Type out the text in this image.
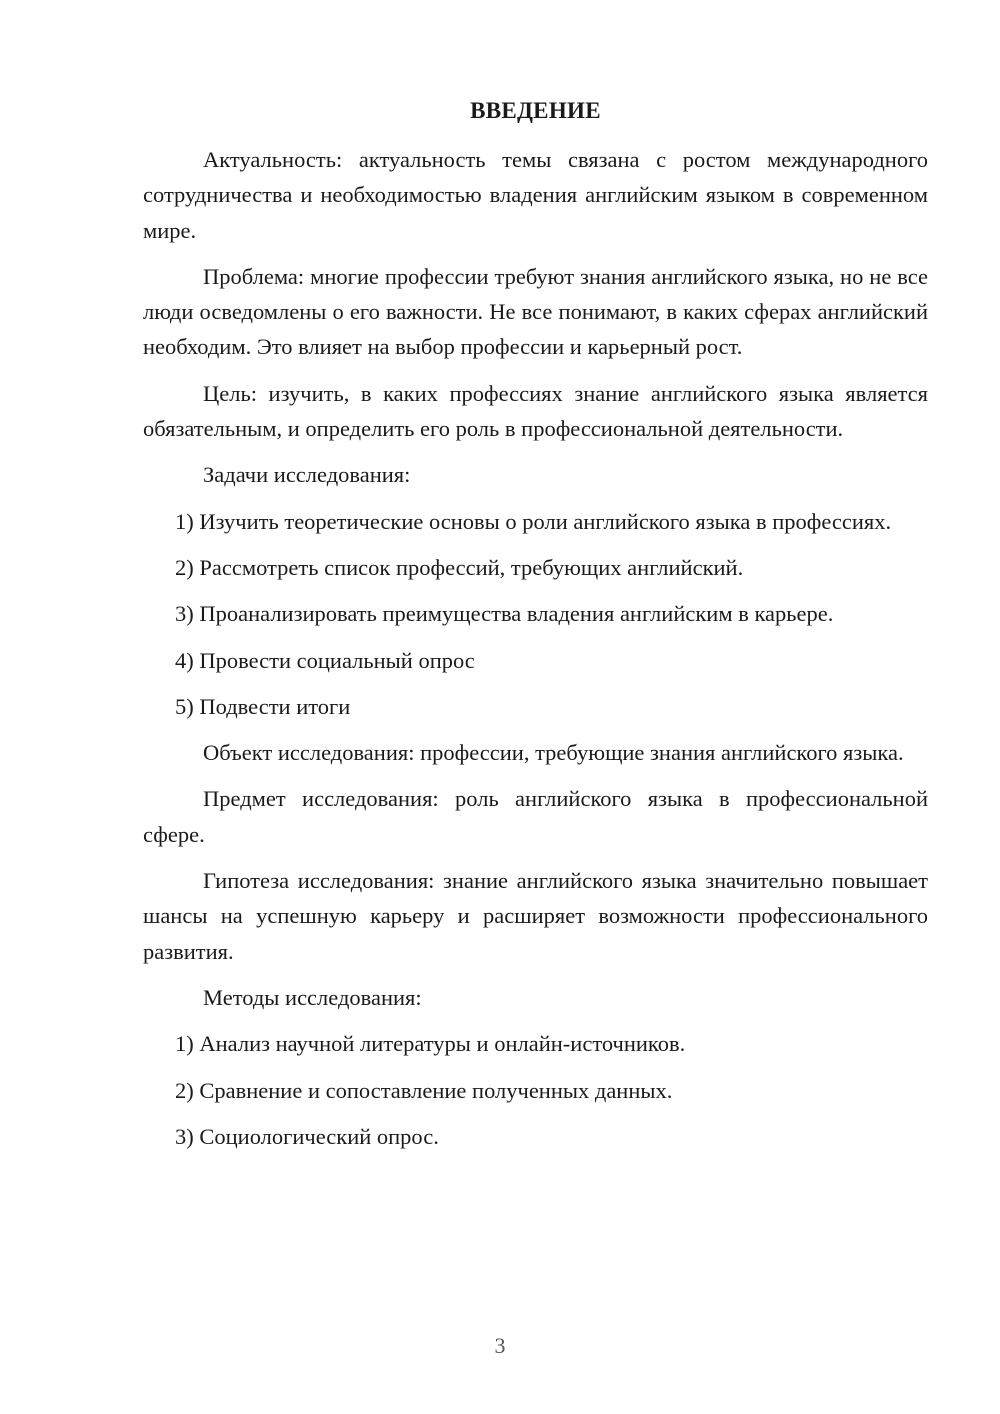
ВВЕДЕНИЕ

Актуальность: актуальность темы связана с ростом международного сотрудничества и необходимостью владения английским языком в современном мире.

Проблема: многие профессии требуют знания английского языка, но не все люди осведомлены о его важности. Не все понимают, в каких сферах английский необходим. Это влияет на выбор профессии и карьерный рост.

Цель: изучить, в каких профессиях знание английского языка является обязательным, и определить его роль в профессиональной деятельности.

Задачи исследования:

1) Изучить теоретические основы о роли английского языка в профессиях.

2) Рассмотреть список профессий, требующих английский.

3) Проанализировать преимущества владения английским в карьере.

4) Провести социальный опрос

5) Подвести итоги

Объект исследования: профессии, требующие знания английского языка.

Предмет исследования: роль английского языка в профессиональной сфере.

Гипотеза исследования: знание английского языка значительно повышает шансы на успешную карьеру и расширяет возможности профессионального развития.

Методы исследования:

1) Анализ научной литературы и онлайн-источников.

2) Сравнение и сопоставление полученных данных.

3) Социологический опрос.

3
